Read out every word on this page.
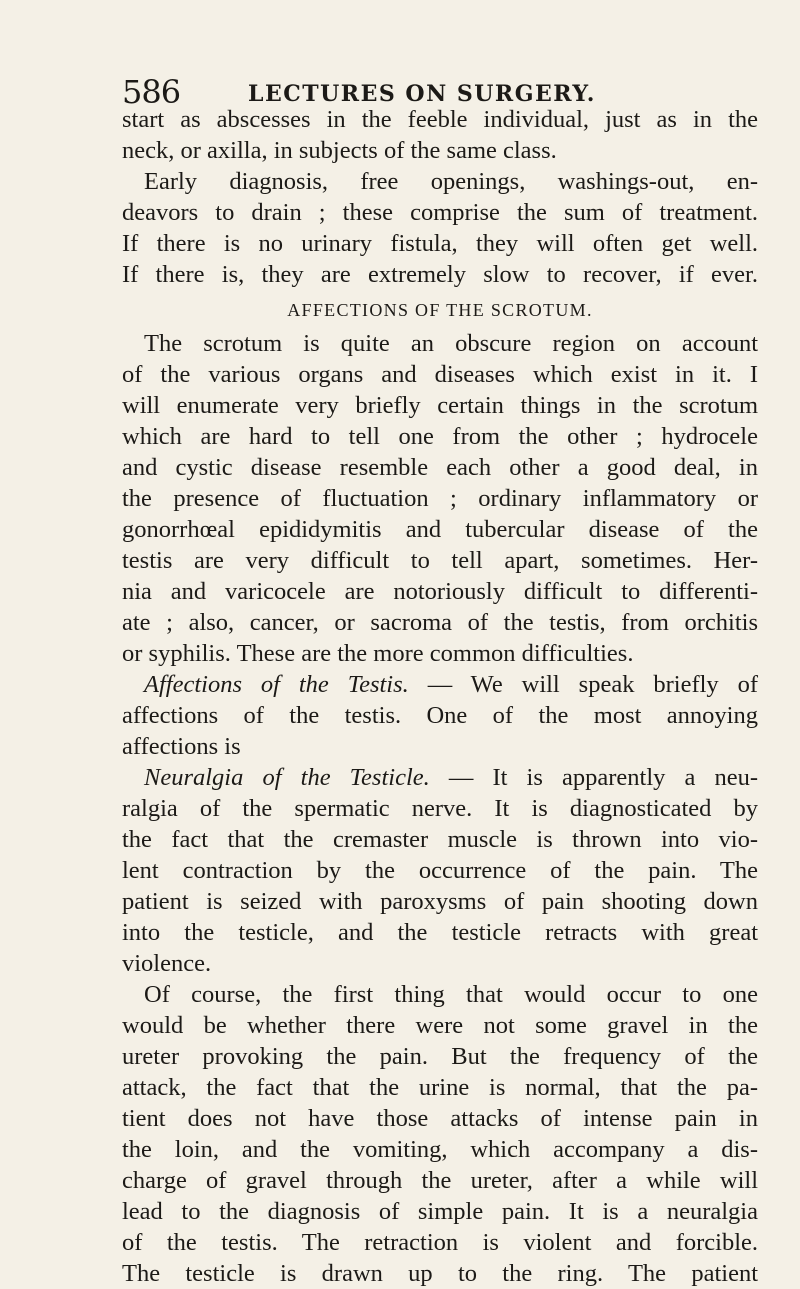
586	LECTURES ON SURGERY.
start as abscesses in the feeble individual, just as in the
neck, or axilla, in subjects of the same class.
Early diagnosis, free openings, washings-out, en-
deavors to drain ; these comprise the sum of treatment.
If there is no urinary fistula, they will often get well.
If there is, they are extremely slow to recover, if ever.
AFFECTIONS OF THE SCROTUM.
The scrotum is quite an obscure region on account
of the various organs and diseases which exist in it. I
will enumerate very briefly certain things in the scrotum
which are hard to tell one from the other ; hydrocele
and cystic disease resemble each other a good deal, in
the presence of fluctuation ; ordinary inflammatory or
gonorrhœal epididymitis and tubercular disease of the
testis are very difficult to tell apart, sometimes. Her-
nia and varicocele are notoriously difficult to differenti-
ate ; also, cancer, or sacroma of the testis, from orchitis
or syphilis. These are the more common difficulties.
Affections of the Testis. — We will speak briefly of
affections of the testis. One of the most annoying
affections is
Neuralgia of the Testicle. — It is apparently a neu-
ralgia of the spermatic nerve. It is diagnosticated by
the fact that the cremaster muscle is thrown into vio-
lent contraction by the occurrence of the pain. The
patient is seized with paroxysms of pain shooting down
into the testicle, and the testicle retracts with great
violence.
Of course, the first thing that would occur to one
would be whether there were not some gravel in the
ureter provoking the pain. But the frequency of the
attack, the fact that the urine is normal, that the pa-
tient does not have those attacks of intense pain in
the loin, and the vomiting, which accompany a dis-
charge of gravel through the ureter, after a while will
lead to the diagnosis of simple pain. It is a neuralgia
of the testis. The retraction is violent and forcible.
The testicle is drawn up to the ring. The patient
